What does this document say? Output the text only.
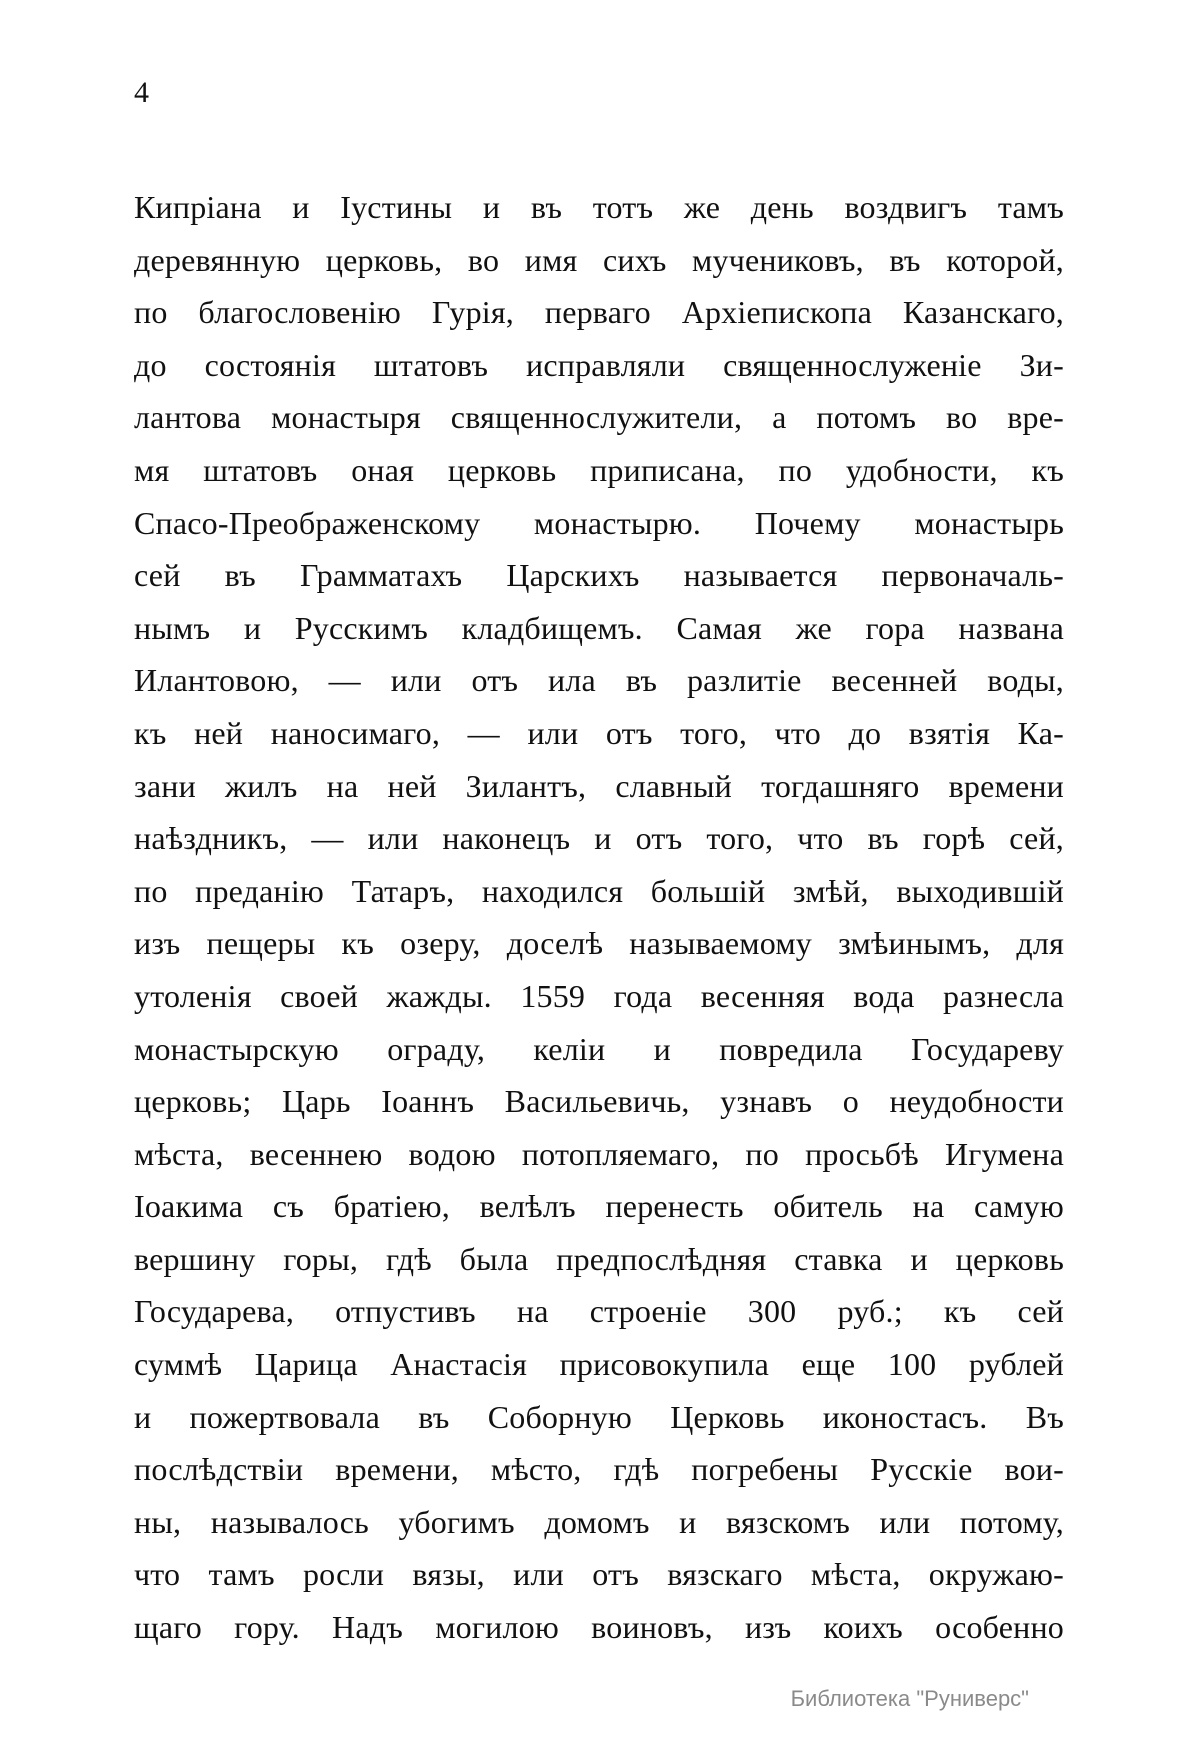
4
Кипріана и Іустины и въ тотъ же день воздвигъ тамъ
деревянную церковь, во имя сихъ мучениковъ, въ которой,
по благословенію Гурія, перваго Архіепископа Казанскаго,
до состоянія штатовъ исправляли священнослуженіе Зи-
лантова монастыря священнослужители, а потомъ во вре-
мя штатовъ оная церковь приписана, по удобности, къ
Спасо-Преображенскому монастырю. Почему монастырь
сей въ Грамматахъ Царскихъ называется первоначаль-
нымъ и Русскимъ кладбищемъ. Самая же гора названа
Илантовою, — или отъ ила въ разлитіе весенней воды,
къ ней наносимаго, — или отъ того, что до взятія Ка-
зани жилъ на ней Зилантъ, славный тогдашняго времени
наѣздникъ, — или наконецъ и отъ того, что въ горѣ сей,
по преданію Татаръ, находился большій змѣй, выходившій
изъ пещеры къ озеру, доселѣ называемому змѣинымъ, для
утоленія своей жажды. 1559 года весенняя вода разнесла
монастырскую ограду, келіи и повредила Государеву
церковь; Царь Іоаннъ Васильевичь, узнавъ о неудобности
мѣста, весеннею водою потопляемаго, по просьбѣ Игумена
Іоакима съ братіею, велѣлъ перенесть обитель на самую
вершину горы, гдѣ была предпослѣдняя ставка и церковь
Государева, отпустивъ на строеніе 300 руб.; къ сей
суммѣ Царица Анастасія присовокупила еще 100 рублей
и пожертвовала въ Соборную Церковь иконостасъ. Въ
послѣдствіи времени, мѣсто, гдѣ погребены Русскіе вои-
ны, называлось убогимъ домомъ и вязскомъ или потому,
что тамъ росли вязы, или отъ вязскаго мѣста, окружаю-
щаго гору. Надъ могилою воиновъ, изъ коихъ особенно
Библиотека "Руниверс"
